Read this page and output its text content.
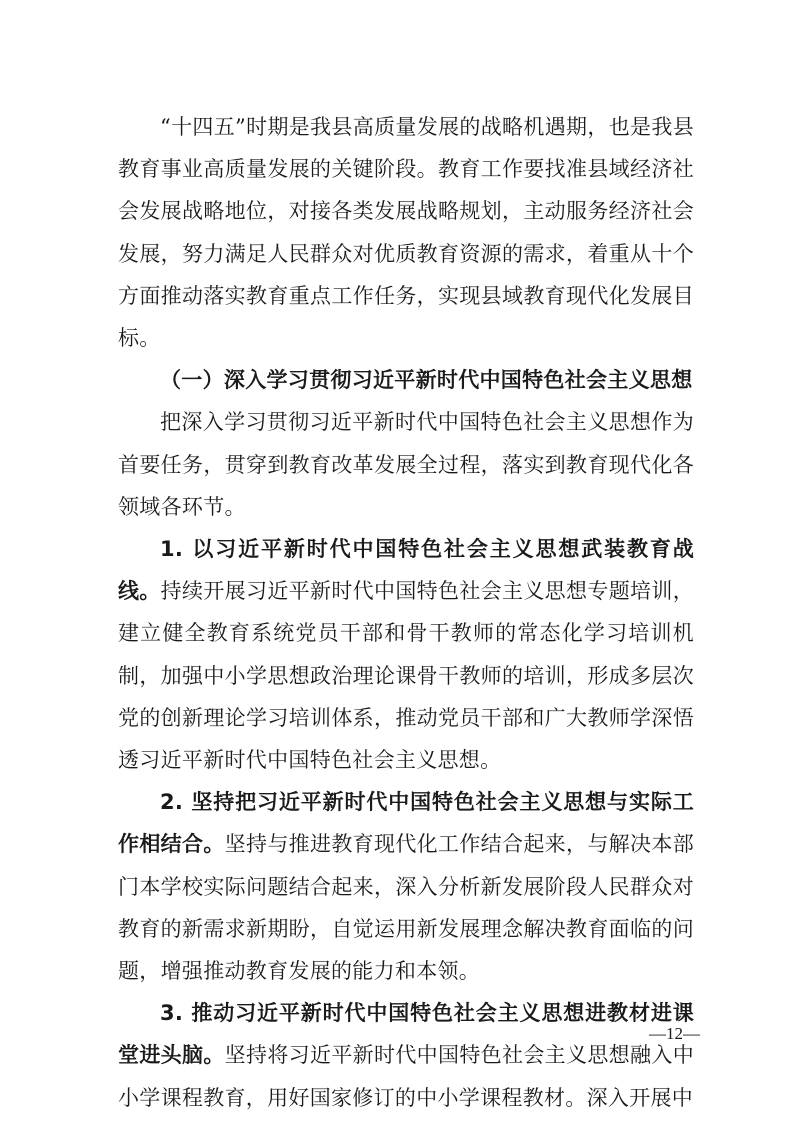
“十四五”时期是我县高质量发展的战略机遇期，也是我县教育事业高质量发展的关键阶段。教育工作要找准县域经济社会发展战略地位，对接各类发展战略规划，主动服务经济社会发展，努力满足人民群众对优质教育资源的需求，着重从十个方面推动落实教育重点工作任务，实现县域教育现代化发展目标。

（一）深入学习贯彻习近平新时代中国特色社会主义思想

把深入学习贯彻习近平新时代中国特色社会主义思想作为首要任务，贯穿到教育改革发展全过程，落实到教育现代化各领域各环节。

1. 以习近平新时代中国特色社会主义思想武装教育战线。持续开展习近平新时代中国特色社会主义思想专题培训，建立健全教育系统党员干部和骨干教师的常态化学习培训机制，加强中小学思想政治理论课骨干教师的培训，形成多层次党的创新理论学习培训体系，推动党员干部和广大教师学深悟透习近平新时代中国特色社会主义思想。

2. 坚持把习近平新时代中国特色社会主义思想与实际工作相结合。坚持与推进教育现代化工作结合起来，与解决本部门本学校实际问题结合起来，深入分析新发展阶段人民群众对教育的新需求新期盼，自觉运用新发展理念解决教育面临的问题，增强推动教育发展的能力和本领。

3. 推动习近平新时代中国特色社会主义思想进教材进课堂进头脑。坚持将习近平新时代中国特色社会主义思想融入中小学课程教育，用好国家修订的中小学课程教材。深入开展中

—12—
